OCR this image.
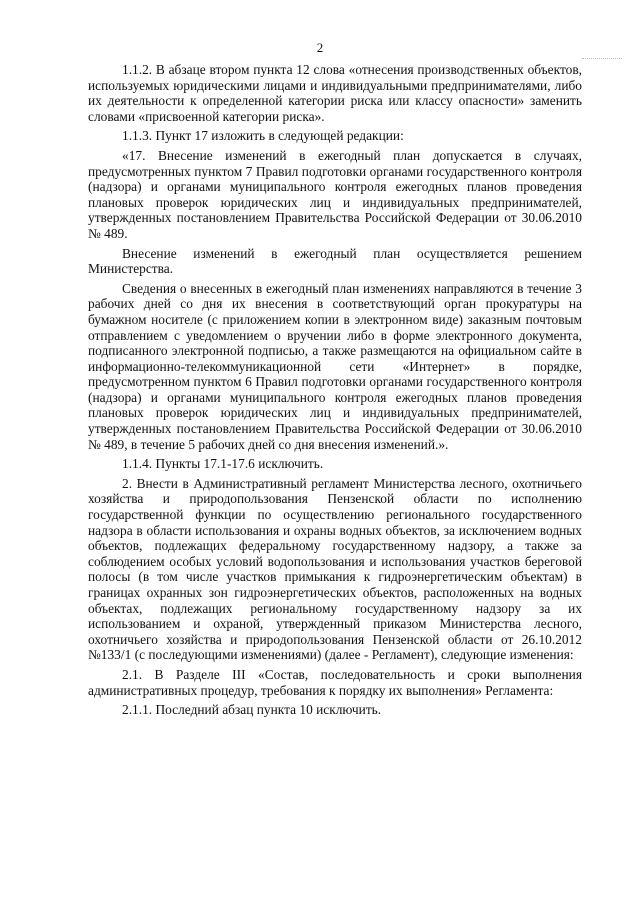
2

1.1.2. В абзаце втором пункта 12 слова «отнесения производственных объектов, используемых юридическими лицами и индивидуальными предпринимателями, либо их деятельности к определенной категории риска или классу опасности» заменить словами «присвоенной категории риска».

1.1.3. Пункт 17 изложить в следующей редакции:

«17. Внесение изменений в ежегодный план допускается в случаях, предусмотренных пунктом 7 Правил подготовки органами государственного контроля (надзора) и органами муниципального контроля ежегодных планов проведения плановых проверок юридических лиц и индивидуальных предпринимателей, утвержденных постановлением Правительства Российской Федерации от 30.06.2010 № 489.

Внесение изменений в ежегодный план осуществляется решением Министерства.

Сведения о внесенных в ежегодный план изменениях направляются в течение 3 рабочих дней со дня их внесения в соответствующий орган прокуратуры на бумажном носителе (с приложением копии в электронном виде) заказным почтовым отправлением с уведомлением о вручении либо в форме электронного документа, подписанного электронной подписью, а также размещаются на официальном сайте в информационно-телекоммуникационной сети «Интернет» в порядке, предусмотренном пунктом 6 Правил подготовки органами государственного контроля (надзора) и органами муниципального контроля ежегодных планов проведения плановых проверок юридических лиц и индивидуальных предпринимателей, утвержденных постановлением Правительства Российской Федерации от 30.06.2010 № 489, в течение 5 рабочих дней со дня внесения изменений.».

1.1.4. Пункты 17.1-17.6 исключить.

2. Внести в Административный регламент Министерства лесного, охотничьего хозяйства и природопользования Пензенской области по исполнению государственной функции по осуществлению регионального государственного надзора в области использования и охраны водных объектов, за исключением водных объектов, подлежащих федеральному государственному надзору, а также за соблюдением особых условий водопользования и использования участков береговой полосы (в том числе участков примыкания к гидроэнергетическим объектам) в границах охранных зон гидроэнергетических объектов, расположенных на водных объектах, подлежащих региональному государственному надзору за их использованием и охраной, утвержденный приказом Министерства лесного, охотничьего хозяйства и природопользования Пензенской области от 26.10.2012 №133/1 (с последующими изменениями) (далее - Регламент), следующие изменения:

2.1. В Разделе III «Состав, последовательность и сроки выполнения административных процедур, требования к порядку их выполнения» Регламента:

2.1.1. Последний абзац пункта 10 исключить.
